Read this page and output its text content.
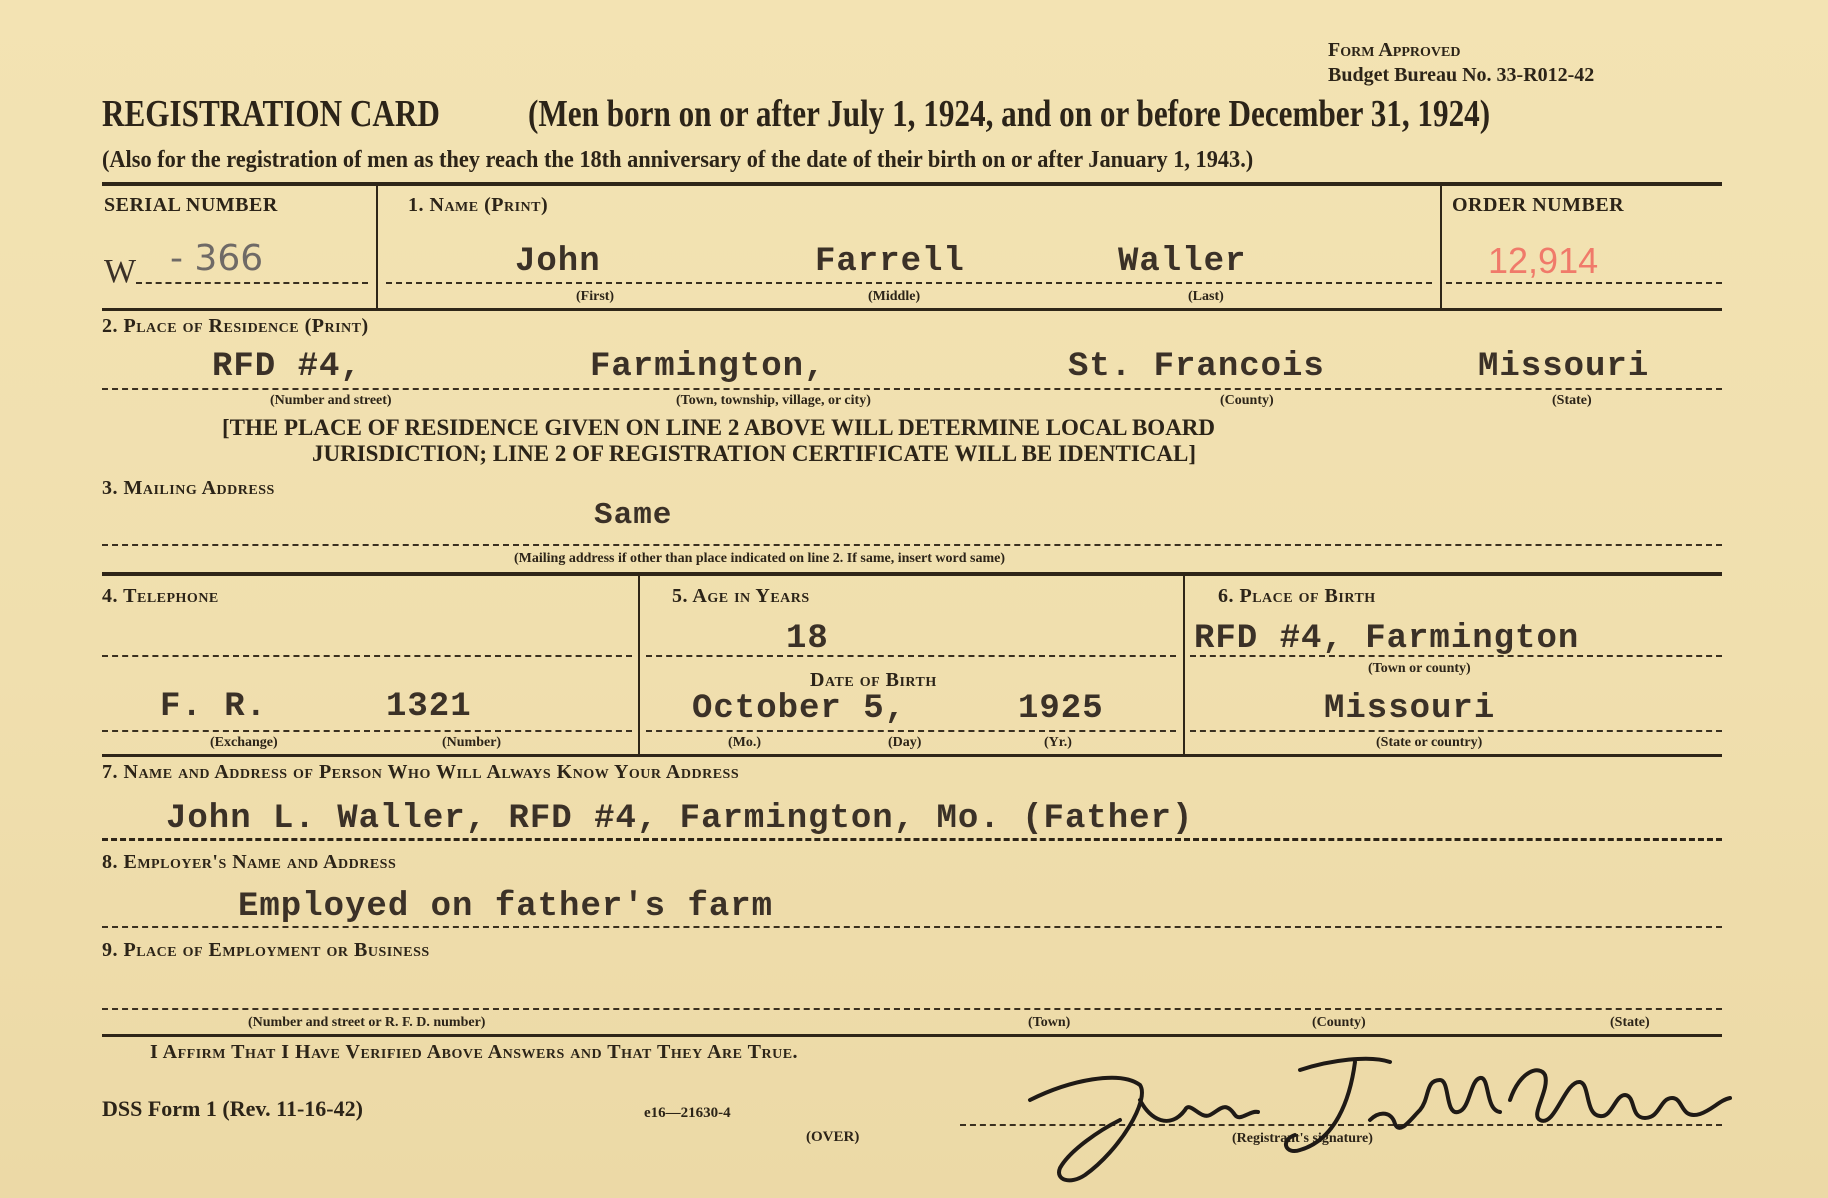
Form Approved
Budget Bureau No. 33-R012-42
REGISTRATION CARD (Men born on or after July 1, 1924, and on or before December 31, 1924)
(Also for the registration of men as they reach the 18th anniversary of the date of their birth on or after January 1, 1943.)
SERIAL NUMBER
W - 366
1. Name (Print)
John	Farrell	Waller
(First)	(Middle)	(Last)
ORDER NUMBER
12,914
2. Place of Residence (Print)
RFD #4,	Farmington,	St. Francois	Missouri
(Number and street)	(Town, township, village, or city)	(County)	(State)
[THE PLACE OF RESIDENCE GIVEN ON LINE 2 ABOVE WILL DETERMINE LOCAL BOARD
JURISDICTION; LINE 2 OF REGISTRATION CERTIFICATE WILL BE IDENTICAL]
3. Mailing Address
Same
(Mailing address if other than place indicated on line 2. If same, insert word same)
4. Telephone
F. R.	1321
(Exchange)	(Number)
5. Age in Years
18
Date of Birth
October 5,	1925
(Mo.)	(Day)	(Yr.)
6. Place of Birth
RFD #4, Farmington
(Town or county)
Missouri
(State or country)
7. Name and Address of Person Who Will Always Know Your Address
John L. Waller, RFD #4, Farmington, Mo. (Father)
8. Employer's Name and Address
Employed on father's farm
9. Place of Employment or Business
(Number and street or R. F. D. number)	(Town)	(County)	(State)
I Affirm That I Have Verified Above Answers and That They Are True.
DSS Form 1 (Rev. 11-16-42)	e16—21630-4
(OVER)	(Registrant's signature)
